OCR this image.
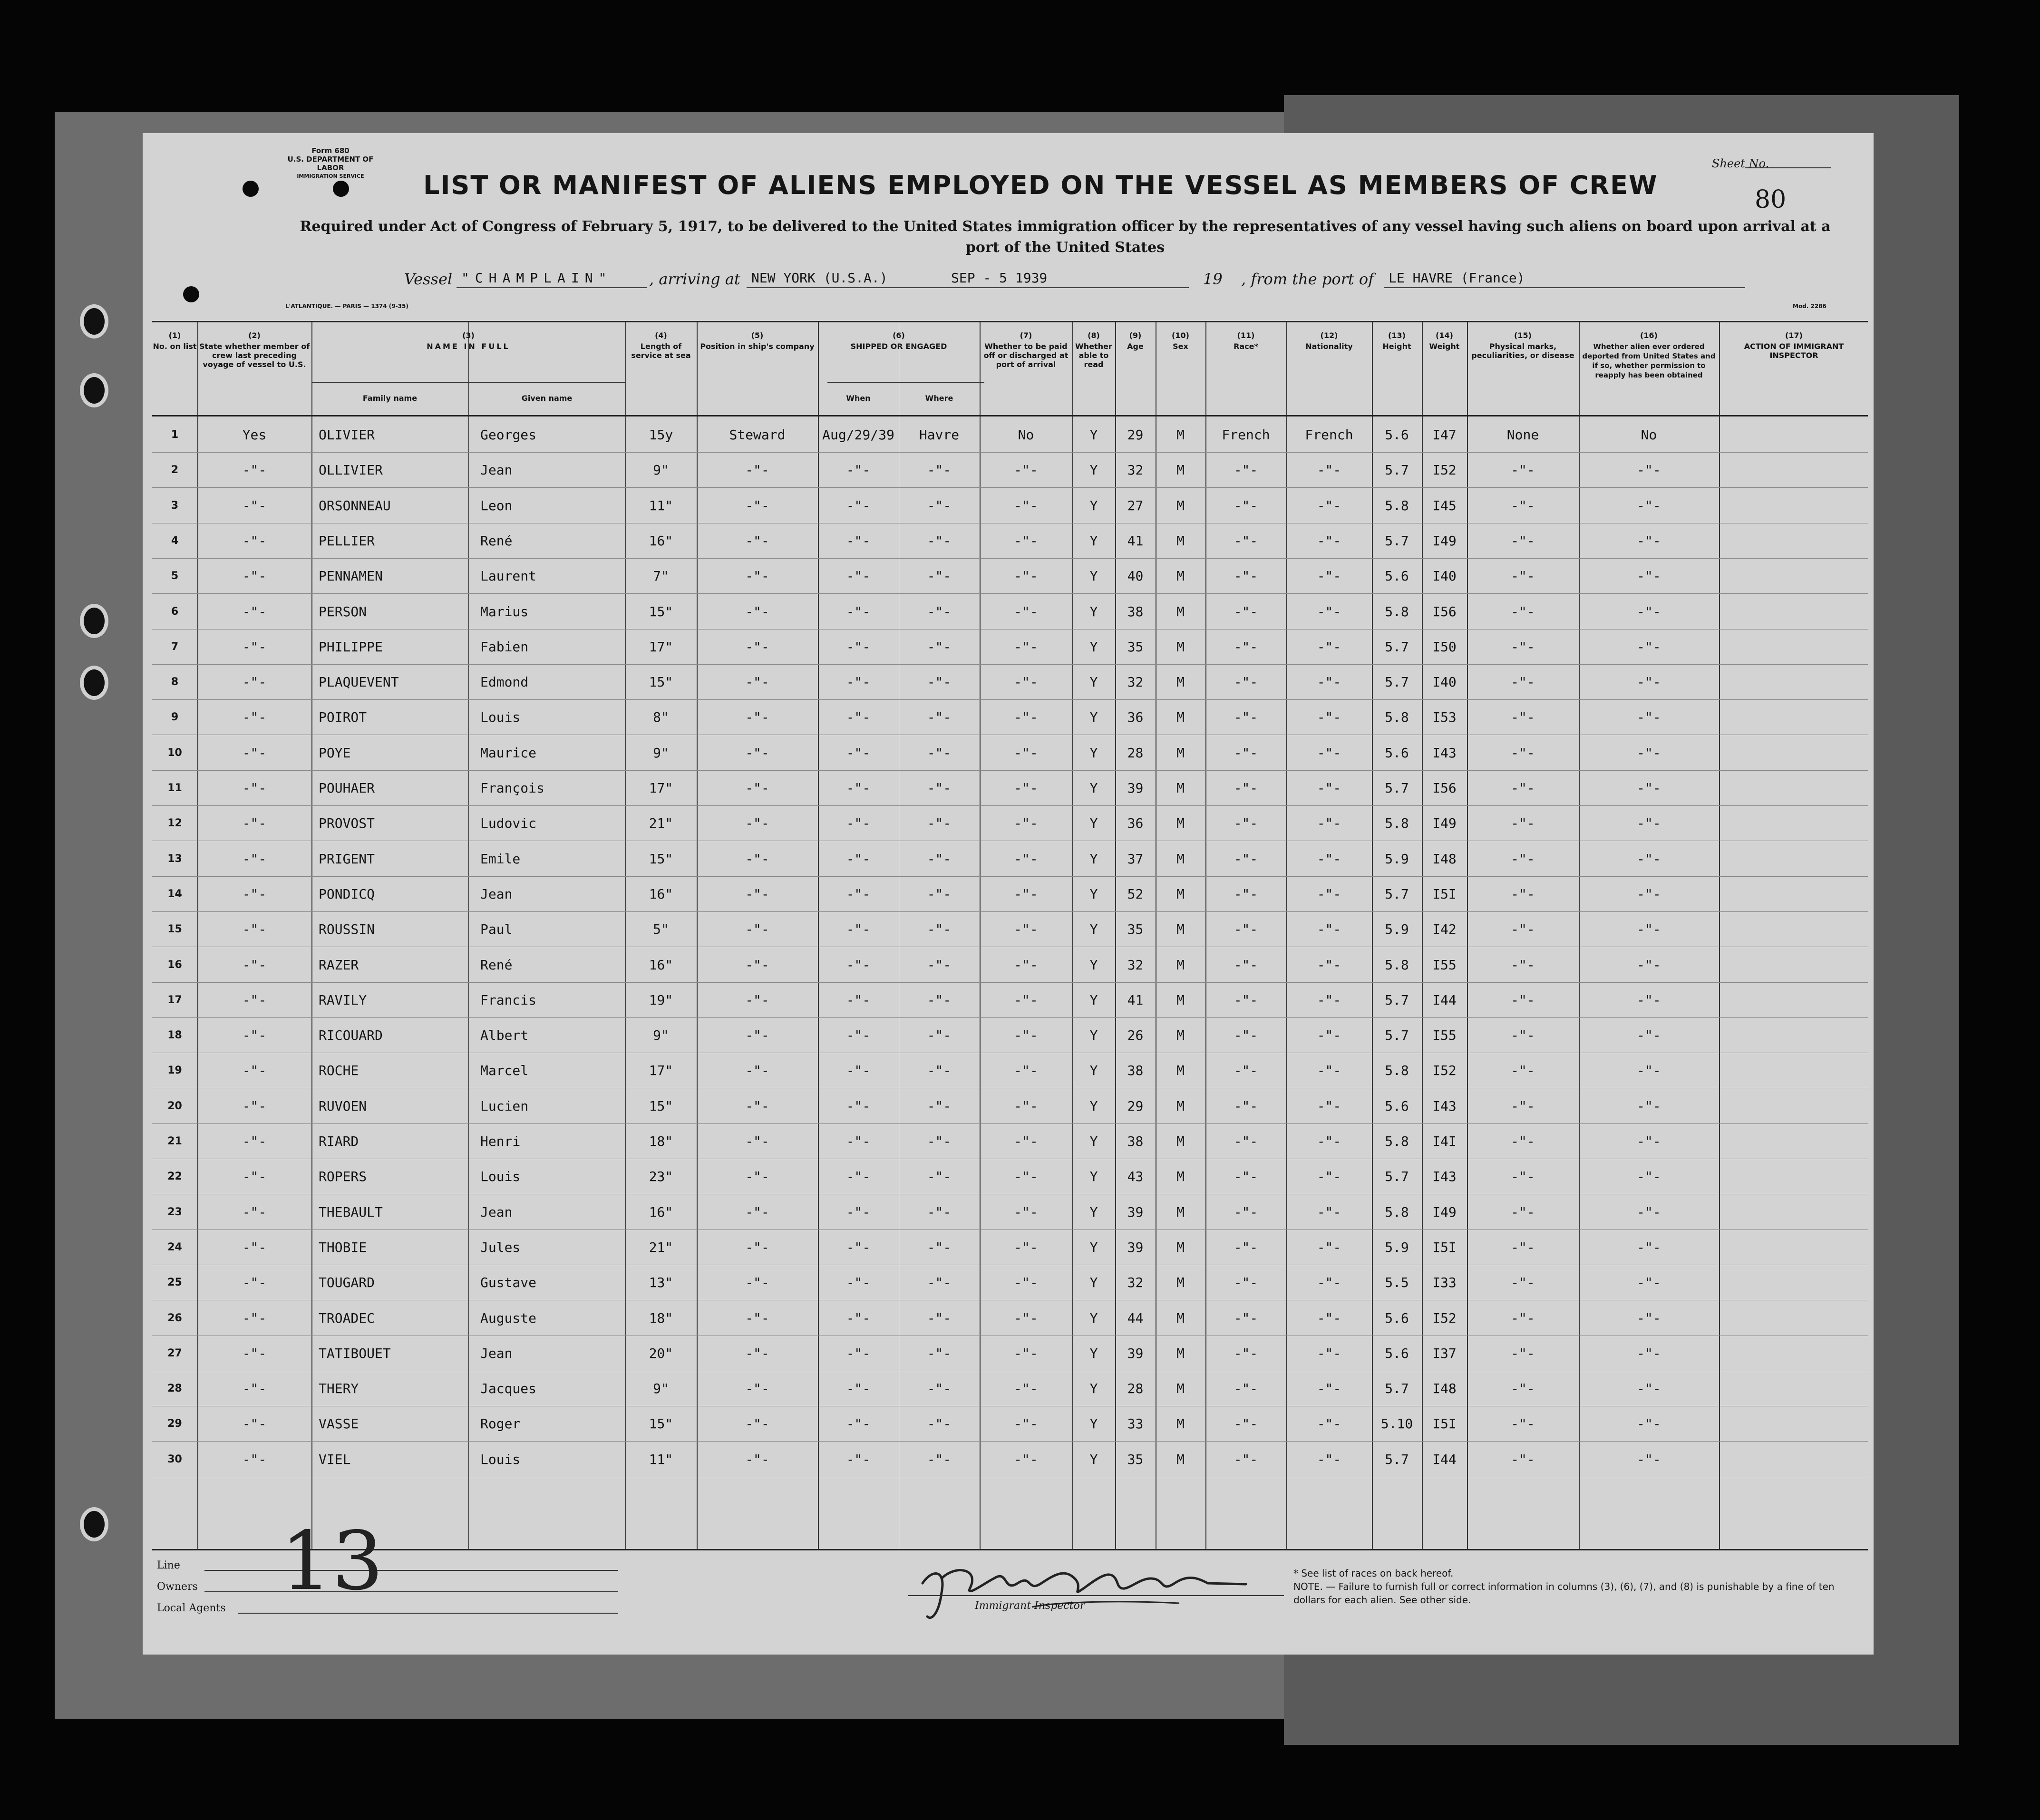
Form 680
U.S. DEPARTMENT OF LABOR
IMMIGRATION SERVICE	LIST OR MANIFEST OF ALIENS EMPLOYED ON THE VESSEL AS MEMBERS OF CREW
Sheet No.
80
Required under Act of Congress of February 5, 1917, to be delivered to the United States immigration officer by the representatives of any vessel having such aliens on board upon arrival at a port of the United States
Vessel "CHAMPLAIN" , arriving at NEW YORK (U.S.A.)	SEP - 5 1939	19 , from the port of LE HAVRE (France)
L'ATLANTIQUE. — PARIS — 1374 (9-35)	Mod. 2286
(1)
No. on list
(2)
State whether member of crew last preceding voyage of vessel to U.S.
(3)
NAME IN FULL
(4)
Length of service at sea
(5)
Position in ship's company
(6)
SHIPPED OR ENGAGED
(7)
Whether to be paid off or discharged at port of arrival
(8)
Whether able to read
(9)
Age
(10)
Sex
(11)
Race*
(12)
Nationality
(13)
Height
(14)
Weight
(15)
Physical marks, peculiarities, or disease
(16)
Whether alien ever ordered deported from United States and if so, whether permission to reapply has been obtained
(17)
ACTION OF IMMIGRANT INSPECTOR
Family name	Given name	When	Where
1	Yes	OLIVIER	Georges	15y	Steward	Aug/29/39	Havre	No	Y	29	M	French	French	5.6	I47	None	No
2	-"-	OLLIVIER	Jean	9"	-"-	-"-	-"-	-"-	Y	32	M	-"-	-"-	5.7	I52	-"-	-"-
3	-"-	ORSONNEAU	Leon	11"	-"-	-"-	-"-	-"-	Y	27	M	-"-	-"-	5.8	I45	-"-	-"-
4	-"-	PELLIER	René	16"	-"-	-"-	-"-	-"-	Y	41	M	-"-	-"-	5.7	I49	-"-	-"-
5	-"-	PENNAMEN	Laurent	7"	-"-	-"-	-"-	-"-	Y	40	M	-"-	-"-	5.6	I40	-"-	-"-
6	-"-	PERSON	Marius	15"	-"-	-"-	-"-	-"-	Y	38	M	-"-	-"-	5.8	I56	-"-	-"-
7	-"-	PHILIPPE	Fabien	17"	-"-	-"-	-"-	-"-	Y	35	M	-"-	-"-	5.7	I50	-"-	-"-
8	-"-	PLAQUEVENT	Edmond	15"	-"-	-"-	-"-	-"-	Y	32	M	-"-	-"-	5.7	I40	-"-	-"-
9	-"-	POIROT	Louis	8"	-"-	-"-	-"-	-"-	Y	36	M	-"-	-"-	5.8	I53	-"-	-"-
10	-"-	POYE	Maurice	9"	-"-	-"-	-"-	-"-	Y	28	M	-"-	-"-	5.6	I43	-"-	-"-
11	-"-	POUHAER	François	17"	-"-	-"-	-"-	-"-	Y	39	M	-"-	-"-	5.7	I56	-"-	-"-
12	-"-	PROVOST	Ludovic	21"	-"-	-"-	-"-	-"-	Y	36	M	-"-	-"-	5.8	I49	-"-	-"-
13	-"-	PRIGENT	Emile	15"	-"-	-"-	-"-	-"-	Y	37	M	-"-	-"-	5.9	I48	-"-	-"-
14	-"-	PONDICQ	Jean	16"	-"-	-"-	-"-	-"-	Y	52	M	-"-	-"-	5.7	I5I	-"-	-"-
15	-"-	ROUSSIN	Paul	5"	-"-	-"-	-"-	-"-	Y	35	M	-"-	-"-	5.9	I42	-"-	-"-
16	-"-	RAZER	René	16"	-"-	-"-	-"-	-"-	Y	32	M	-"-	-"-	5.8	I55	-"-	-"-
17	-"-	RAVILY	Francis	19"	-"-	-"-	-"-	-"-	Y	41	M	-"-	-"-	5.7	I44	-"-	-"-
18	-"-	RICOUARD	Albert	9"	-"-	-"-	-"-	-"-	Y	26	M	-"-	-"-	5.7	I55	-"-	-"-
19	-"-	ROCHE	Marcel	17"	-"-	-"-	-"-	-"-	Y	38	M	-"-	-"-	5.8	I52	-"-	-"-
20	-"-	RUVOEN	Lucien	15"	-"-	-"-	-"-	-"-	Y	29	M	-"-	-"-	5.6	I43	-"-	-"-
21	-"-	RIARD	Henri	18"	-"-	-"-	-"-	-"-	Y	38	M	-"-	-"-	5.8	I4I	-"-	-"-
22	-"-	ROPERS	Louis	23"	-"-	-"-	-"-	-"-	Y	43	M	-"-	-"-	5.7	I43	-"-	-"-
23	-"-	THEBAULT	Jean	16"	-"-	-"-	-"-	-"-	Y	39	M	-"-	-"-	5.8	I49	-"-	-"-
24	-"-	THOBIE	Jules	21"	-"-	-"-	-"-	-"-	Y	39	M	-"-	-"-	5.9	I5I	-"-	-"-
25	-"-	TOUGARD	Gustave	13"	-"-	-"-	-"-	-"-	Y	32	M	-"-	-"-	5.5	I33	-"-	-"-
26	-"-	TROADEC	Auguste	18"	-"-	-"-	-"-	-"-	Y	44	M	-"-	-"-	5.6	I52	-"-	-"-
27	-"-	TATIBOUET	Jean	20"	-"-	-"-	-"-	-"-	Y	39	M	-"-	-"-	5.6	I37	-"-	-"-
28	-"-	THERY	Jacques	9"	-"-	-"-	-"-	-"-	Y	28	M	-"-	-"-	5.7	I48	-"-	-"-
29	-"-	VASSE	Roger	15"	-"-	-"-	-"-	-"-	Y	33	M	-"-	-"-	5.10	I5I	-"-	-"-
30	-"-	VIEL	Louis	11"	-"-	-"-	-"-	-"-	Y	35	M	-"-	-"-	5.7	I44	-"-	-"-
Line
Owners
Local Agents 13	Immigrant Inspector
* See list of races on back hereof.
NOTE. — Failure to furnish full or correct information in columns (3), (6), (7), and (8) is punishable by a fine of ten dollars for each alien. See other side.
